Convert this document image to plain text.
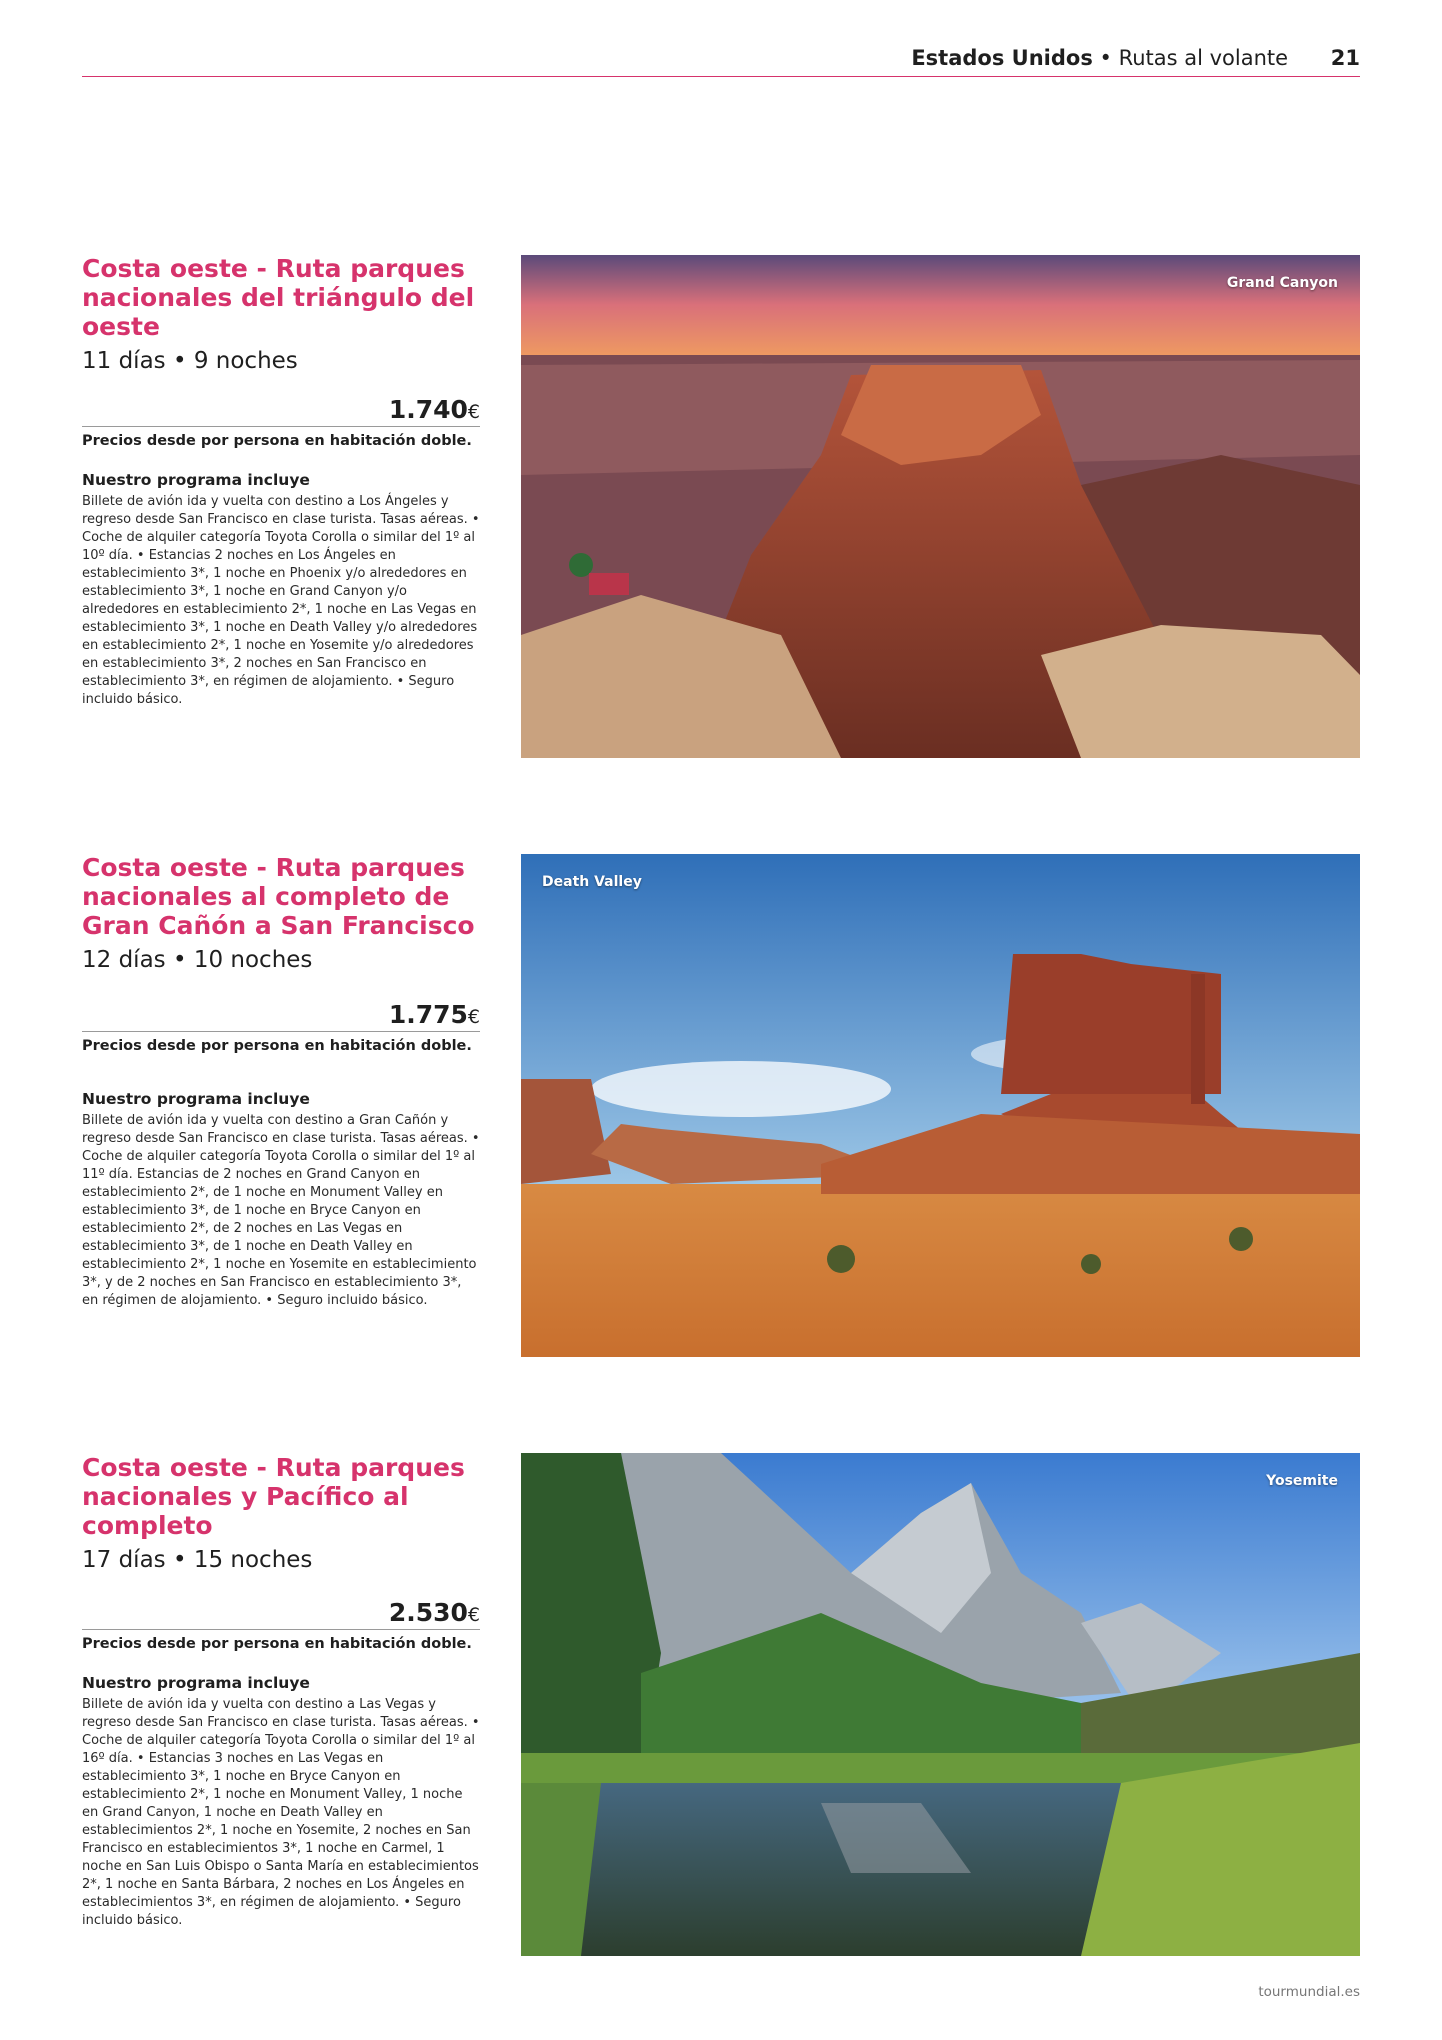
Estados Unidos • Rutas al volante 21
Costa oeste - Ruta parques nacionales del triángulo del oeste
11 días • 9 noches
1.740€
Precios desde por persona en habitación doble.
Nuestro programa incluye
Billete de avión ida y vuelta con destino a Los Ángeles y regreso desde San Francisco en clase turista. Tasas aéreas. • Coche de alquiler categoría Toyota Corolla o similar del 1º al 10º día. • Estancias 2 noches en Los Ángeles en establecimiento 3*, 1 noche en Phoenix y/o alrededores en establecimiento 3*, 1 noche en Grand Canyon y/o alrededores en establecimiento 2*, 1 noche en Las Vegas en establecimiento 3*, 1 noche en Death Valley y/o alrededores en establecimiento 2*, 1 noche en Yosemite y/o alrededores en establecimiento 3*, 2 noches en San Francisco en establecimiento 3*, en régimen de alojamiento. • Seguro incluido básico.
Grand Canyon
Costa oeste - Ruta parques nacionales al completo de Gran Cañón a San Francisco
12 días • 10 noches
1.775€
Precios desde por persona en habitación doble.
Nuestro programa incluye
Billete de avión ida y vuelta con destino a Gran Cañón y regreso desde San Francisco en clase turista. Tasas aéreas. • Coche de alquiler categoría Toyota Corolla o similar del 1º al 11º día. Estancias de 2 noches en Grand Canyon en establecimiento 2*, de 1 noche en Monument Valley en establecimiento 3*, de 1 noche en Bryce Canyon en establecimiento 2*, de 2 noches en Las Vegas en establecimiento 3*, de 1 noche en Death Valley en establecimiento 2*, 1 noche en Yosemite en establecimiento 3*, y de 2 noches en San Francisco en establecimiento 3*, en régimen de alojamiento. • Seguro incluido básico.
Death Valley
Costa oeste - Ruta parques nacionales y Pacífico al completo
17 días • 15 noches
2.530€
Precios desde por persona en habitación doble.
Nuestro programa incluye
Billete de avión ida y vuelta con destino a Las Vegas y regreso desde San Francisco en clase turista. Tasas aéreas. • Coche de alquiler categoría Toyota Corolla o similar del 1º al 16º día. • Estancias 3 noches en Las Vegas en establecimiento 3*, 1 noche en Bryce Canyon en establecimiento 2*, 1 noche en Monument Valley, 1 noche en Grand Canyon, 1 noche en Death Valley en establecimientos 2*, 1 noche en Yosemite, 2 noches en San Francisco en establecimientos 3*, 1 noche en Carmel, 1 noche en San Luis Obispo o Santa María en establecimientos 2*, 1 noche en Santa Bárbara, 2 noches en Los Ángeles en establecimientos 3*, en régimen de alojamiento. • Seguro incluido básico.
Yosemite
tourmundial.es
